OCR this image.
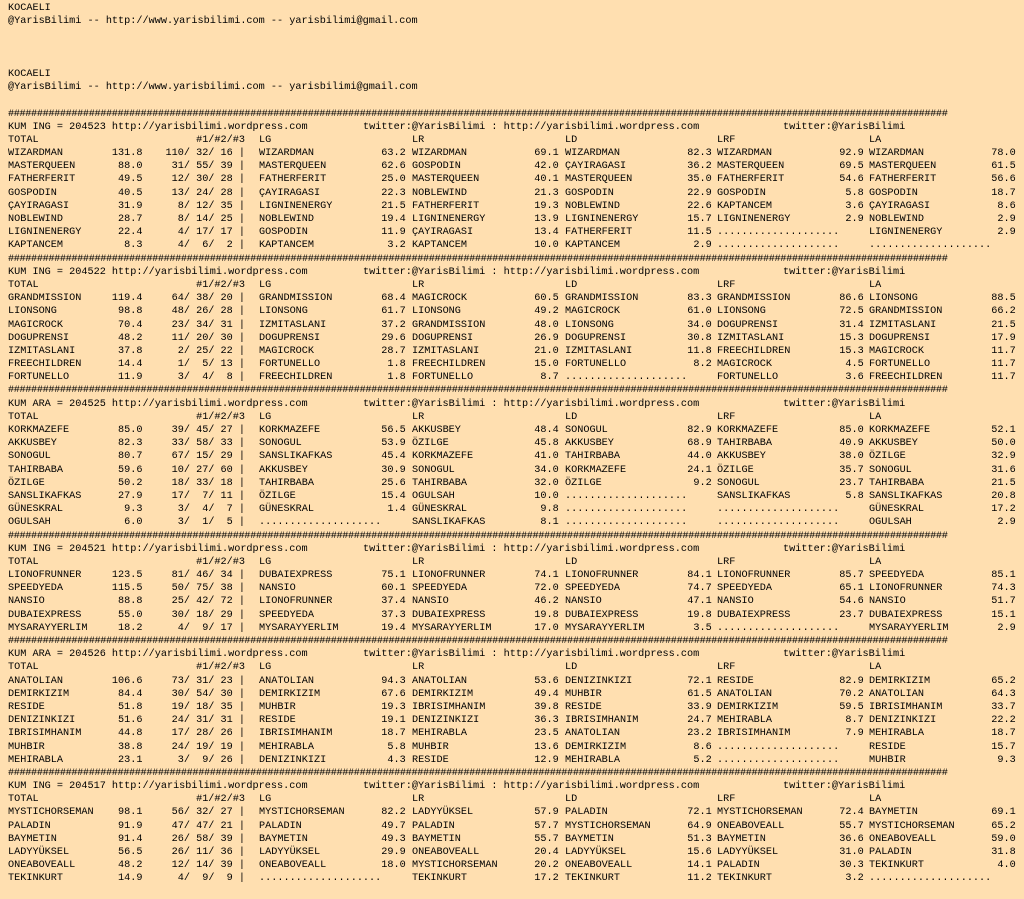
KOCAELI
@YarisBilimi -- http://www.yarisbilimi.com -- yarisbilimi@gmail.com
KOCAELI
@YarisBilimi -- http://www.yarisbilimi.com -- yarisbilimi@gmail.com
###################################################################################################################################################################
KUM ING = 204523 http://yarisbilimi.wordpress.com	twitter:@YarisBilimi : http://yarisbilimi.wordpress.com	twitter:@YarisBilimi
TOTAL	#1/#2/#3 LG	LR	LD	LRF	LA
WIZARDMAN        131.8	110/ 32/ 16 | WIZARDMAN           63.2 WIZARDMAN           69.1 WIZARDMAN           82.3 WIZARDMAN           92.9 WIZARDMAN           78.0
MASTERQUEEN       88.0	31/ 55/ 39 | MASTERQUEEN         62.6 GOSPODIN            42.0 ÇAYIRAGASI          36.2 MASTERQUEEN         69.5 MASTERQUEEN         61.5
FATHERFERIT       49.5	12/ 30/ 28 | FATHERFERIT         25.0 MASTERQUEEN         40.1 MASTERQUEEN         35.0 FATHERFERIT         54.6 FATHERFERIT         56.6
GOSPODIN          40.5	13/ 24/ 28 | ÇAYIRAGASI          22.3 NOBLEWIND           21.3 GOSPODIN            22.9 GOSPODIN             5.8 GOSPODIN            18.7
ÇAYIRAGASI        31.9	8/ 12/ 35 | LIGNINENERGY        21.5 FATHERFERIT         19.3 NOBLEWIND           22.6 KAPTANCEM            3.6 ÇAYIRAGASI           8.6
NOBLEWIND         28.7	8/ 14/ 25 | NOBLEWIND           19.4 LIGNINENERGY        13.9 LIGNINENERGY        15.7 LIGNINENERGY         2.9 NOBLEWIND            2.9
LIGNINENERGY      22.4	4/ 17/ 17 | GOSPODIN            11.9 ÇAYIRAGASI          13.4 FATHERFERIT         11.5 ....................	LIGNINENERGY         2.9
KAPTANCEM          8.3	4/  6/  2 | KAPTANCEM            3.2 KAPTANCEM           10.0 KAPTANCEM            2.9 ....................	....................
###################################################################################################################################################################
KUM ING = 204522 http://yarisbilimi.wordpress.com	twitter:@YarisBilimi : http://yarisbilimi.wordpress.com	twitter:@YarisBilimi
TOTAL	#1/#2/#3 LG	LR	LD	LRF	LA
GRANDMISSION     119.4	64/ 38/ 20 | GRANDMISSION        68.4 MAGICROCK           60.5 GRANDMISSION        83.3 GRANDMISSION        86.6 LIONSONG            88.5
LIONSONG          98.8	48/ 26/ 28 | LIONSONG            61.7 LIONSONG            49.2 MAGICROCK           61.0 LIONSONG            72.5 GRANDMISSION        66.2
MAGICROCK         70.4	23/ 34/ 31 | IZMITASLANI         37.2 GRANDMISSION        48.0 LIONSONG            34.0 DOGUPRENSI          31.4 IZMITASLANI         21.5
DOGUPRENSI        48.2	11/ 20/ 30 | DOGUPRENSI          29.6 DOGUPRENSI          26.9 DOGUPRENSI          30.8 IZMITASLANI         15.3 DOGUPRENSI          17.9
IZMITASLANI       37.8	2/ 25/ 22 | MAGICROCK           28.7 IZMITASLANI         21.0 IZMITASLANI         11.8 FREECHILDREN        15.3 MAGICROCK           11.7
FREECHILDREN      14.4	1/  5/ 13 | FORTUNELLO           1.8 FREECHILDREN        15.0 FORTUNELLO           8.2 MAGICROCK            4.5 FORTUNELLO          11.7
FORTUNELLO        11.9	3/  4/  8 | FREECHILDREN         1.8 FORTUNELLO           8.7 ....................	FORTUNELLO           3.6 FREECHILDREN        11.7
###################################################################################################################################################################
KUM ARA = 204525 http://yarisbilimi.wordpress.com	twitter:@YarisBilimi : http://yarisbilimi.wordpress.com	twitter:@YarisBilimi
TOTAL	#1/#2/#3 LG	LR	LD	LRF	LA
KORKMAZEFE        85.0	39/ 45/ 27 | KORKMAZEFE          56.5 AKKUSBEY            48.4 SONOGUL             82.9 KORKMAZEFE          85.0 KORKMAZEFE          52.1
AKKUSBEY          82.3	33/ 58/ 33 | SONOGUL             53.9 ÖZILGE              45.8 AKKUSBEY            68.9 TAHIRBABA           40.9 AKKUSBEY            50.0
SONOGUL           80.7	67/ 15/ 29 | SANSLIKAFKAS        45.4 KORKMAZEFE          41.0 TAHIRBABA           44.0 AKKUSBEY            38.0 ÖZILGE              32.9
TAHIRBABA         59.6	10/ 27/ 60 | AKKUSBEY            30.9 SONOGUL             34.0 KORKMAZEFE          24.1 ÖZILGE              35.7 SONOGUL             31.6
ÖZILGE            50.2	18/ 33/ 18 | TAHIRBABA           25.6 TAHIRBABA           32.0 ÖZILGE               9.2 SONOGUL             23.7 TAHIRBABA           21.5
SANSLIKAFKAS      27.9	17/  7/ 11 | ÖZILGE              15.4 OGULSAH             10.0 ....................	SANSLIKAFKAS         5.8 SANSLIKAFKAS        20.8
GÜNESKRAL          9.3	3/  4/  7 | GÜNESKRAL            1.4 GÜNESKRAL            9.8 ....................	....................	GÜNESKRAL           17.2
OGULSAH            6.0	3/  1/  5 | ....................	SANSLIKAFKAS         8.1 ....................	....................	OGULSAH              2.9
###################################################################################################################################################################
KUM ING = 204521 http://yarisbilimi.wordpress.com	twitter:@YarisBilimi : http://yarisbilimi.wordpress.com	twitter:@YarisBilimi
TOTAL	#1/#2/#3 LG	LR	LD	LRF	LA
LIONOFRUNNER     123.5	81/ 46/ 34 | DUBAIEXPRESS        75.1 LIONOFRUNNER        74.1 LIONOFRUNNER        84.1 LIONOFRUNNER        85.7 SPEEDYEDA           85.1
SPEEDYEDA        115.5	50/ 75/ 38 | NANSIO              60.1 SPEEDYEDA           72.0 SPEEDYEDA           74.7 SPEEDYEDA           65.1 LIONOFRUNNER        74.3
NANSIO            88.8	25/ 42/ 72 | LIONOFRUNNER        37.4 NANSIO              46.2 NANSIO              47.1 NANSIO              54.6 NANSIO              51.7
DUBAIEXPRESS      55.0	30/ 18/ 29 | SPEEDYEDA           37.3 DUBAIEXPRESS        19.8 DUBAIEXPRESS        19.8 DUBAIEXPRESS        23.7 DUBAIEXPRESS        15.1
MYSARAYYERLIM     18.2	4/  9/ 17 | MYSARAYYERLIM       19.4 MYSARAYYERLIM       17.0 MYSARAYYERLIM        3.5 ....................	MYSARAYYERLIM        2.9
###################################################################################################################################################################
KUM ARA = 204526 http://yarisbilimi.wordpress.com	twitter:@YarisBilimi : http://yarisbilimi.wordpress.com	twitter:@YarisBilimi
TOTAL	#1/#2/#3 LG	LR	LD	LRF	LA
ANATOLIAN        106.6	73/ 31/ 23 | ANATOLIAN           94.3 ANATOLIAN           53.6 DENIZINKIZI         72.1 RESIDE              82.9 DEMIRKIZIM          65.2
DEMIRKIZIM        84.4	30/ 54/ 30 | DEMIRKIZIM          67.6 DEMIRKIZIM          49.4 MUHBIR              61.5 ANATOLIAN           70.2 ANATOLIAN           64.3
RESIDE            51.8	19/ 18/ 35 | MUHBIR              19.3 IBRISIMHANIM        39.8 RESIDE              33.9 DEMIRKIZIM          59.5 IBRISIMHANIM        33.7
DENIZINKIZI       51.6	24/ 31/ 31 | RESIDE              19.1 DENIZINKIZI         36.3 IBRISIMHANIM        24.7 MEHIRABLA            8.7 DENIZINKIZI         22.2
IBRISIMHANIM      44.8	17/ 28/ 26 | IBRISIMHANIM        18.7 MEHIRABLA           23.5 ANATOLIAN           23.2 IBRISIMHANIM         7.9 MEHIRABLA           18.7
MUHBIR            38.8	24/ 19/ 19 | MEHIRABLA            5.8 MUHBIR              13.6 DEMIRKIZIM           8.6 ....................	RESIDE              15.7
MEHIRABLA         23.1	3/  9/ 26 | DENIZINKIZI          4.3 RESIDE              12.9 MEHIRABLA            5.2 ....................	MUHBIR               9.3
###################################################################################################################################################################
KUM ING = 204517 http://yarisbilimi.wordpress.com	twitter:@YarisBilimi : http://yarisbilimi.wordpress.com	twitter:@YarisBilimi
TOTAL	#1/#2/#3 LG	LR	LD	LRF	LA
MYSTICHORSEMAN    98.1	56/ 32/ 27 | MYSTICHORSEMAN      82.2 LADYYÜKSEL          57.9 PALADIN             72.1 MYSTICHORSEMAN      72.4 BAYMETIN            69.1
PALADIN           91.9	47/ 47/ 21 | PALADIN             49.7 PALADIN             57.7 MYSTICHORSEMAN      64.9 ONEABOVEALL         55.7 MYSTICHORSEMAN      65.2
BAYMETIN          91.4	26/ 58/ 39 | BAYMETIN            49.3 BAYMETIN            55.7 BAYMETIN            51.3 BAYMETIN            36.6 ONEABOVEALL         59.0
LADYYÜKSEL        56.5	26/ 11/ 36 | LADYYÜKSEL          29.9 ONEABOVEALL         20.4 LADYYÜKSEL          15.6 LADYYÜKSEL          31.0 PALADIN             31.8
ONEABOVEALL       48.2	12/ 14/ 39 | ONEABOVEALL         18.0 MYSTICHORSEMAN      20.2 ONEABOVEALL         14.1 PALADIN             30.3 TEKINKURT            4.0
TEKINKURT         14.9	4/  9/  9 | ....................	TEKINKURT           17.2 TEKINKURT           11.2 TEKINKURT            3.2 ....................
